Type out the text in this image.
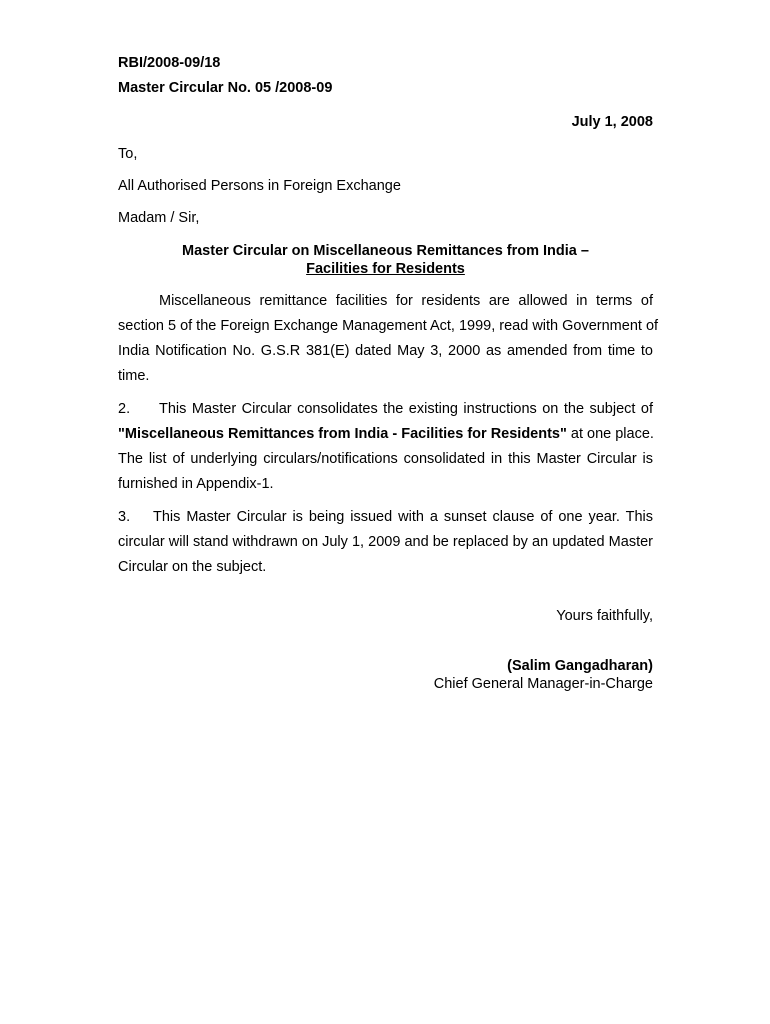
RBI/2008-09/18
Master Circular No. 05 /2008-09
July 1, 2008
To,
All Authorised Persons in Foreign Exchange
Madam / Sir,
Master Circular on Miscellaneous Remittances from India –
Facilities for Residents
Miscellaneous remittance facilities for residents are allowed in terms of
section 5 of the Foreign Exchange Management Act, 1999, read with Government of
India Notification No. G.S.R 381(E) dated May 3, 2000 as amended from time to
time.
2. This Master Circular consolidates the existing instructions on the subject of
"Miscellaneous Remittances from India - Facilities for Residents" at one place.
The list of underlying circulars/notifications consolidated in this Master Circular is
furnished in Appendix-1.
3. This Master Circular is being issued with a sunset clause of one year. This
circular will stand withdrawn on July 1, 2009 and be replaced by an updated Master
Circular on the subject.
Yours faithfully,
(Salim Gangadharan)
Chief General Manager-in-Charge
